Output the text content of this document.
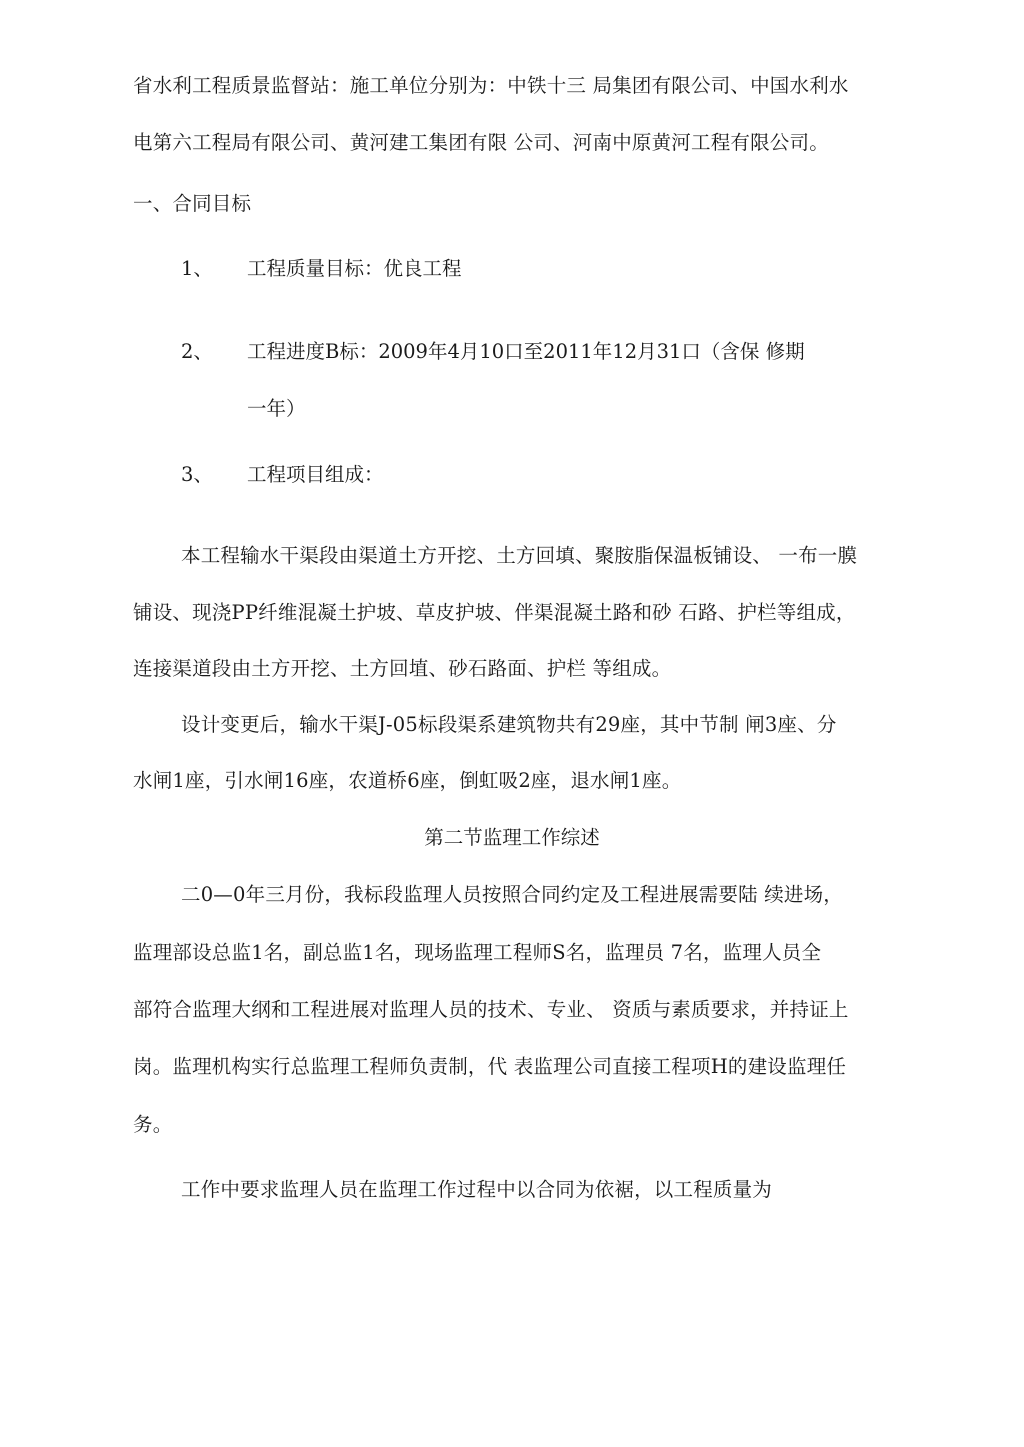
省水利工程质景监督站：施工单位分别为：中铁十三 局集团有限公司、中国水利水
电第六工程局有限公司、黄河建工集团有限 公司、河南中原黄河工程有限公司。
一、合同目标
1、 工程质量目标：优良工程
2、 工程进度B标：2009年4月10口至2011年12月31口（含保 修期
一年）
3、 工程项目组成：
本工程输水干渠段由渠道土方开挖、土方回填、聚胺脂保温板铺设、 一布一膜
铺设、现浇PP纤维混凝土护坡、草皮护坡、伴渠混凝土路和砂 石路、护栏等组成，
连接渠道段由土方开挖、土方回埴、砂石路面、护栏 等组成。
设计变更后，输水干渠J-05标段渠系建筑物共有29座，其中节制 闸3座、分
水闸1座，引水闸16座，农道桥6座，倒虹吸2座，退水闸1座。
第二节监理工作综述
二0—0年三月份，我标段监理人员按照合同约定及工程进展需要陆 续进场，
监理部设总监1名，副总监1名，现场监理工程师S名，监理员 7名，监理人员全
部符合监理大纲和工程进展对监理人员的技术、专业、 资质与素质要求，并持证上
岗。监理机构实行总监理工程师负责制，代 表监理公司直接工程项H的建设监理任
务。
工作中要求监理人员在监理工作过程中以合同为依裾，以工程质量为
